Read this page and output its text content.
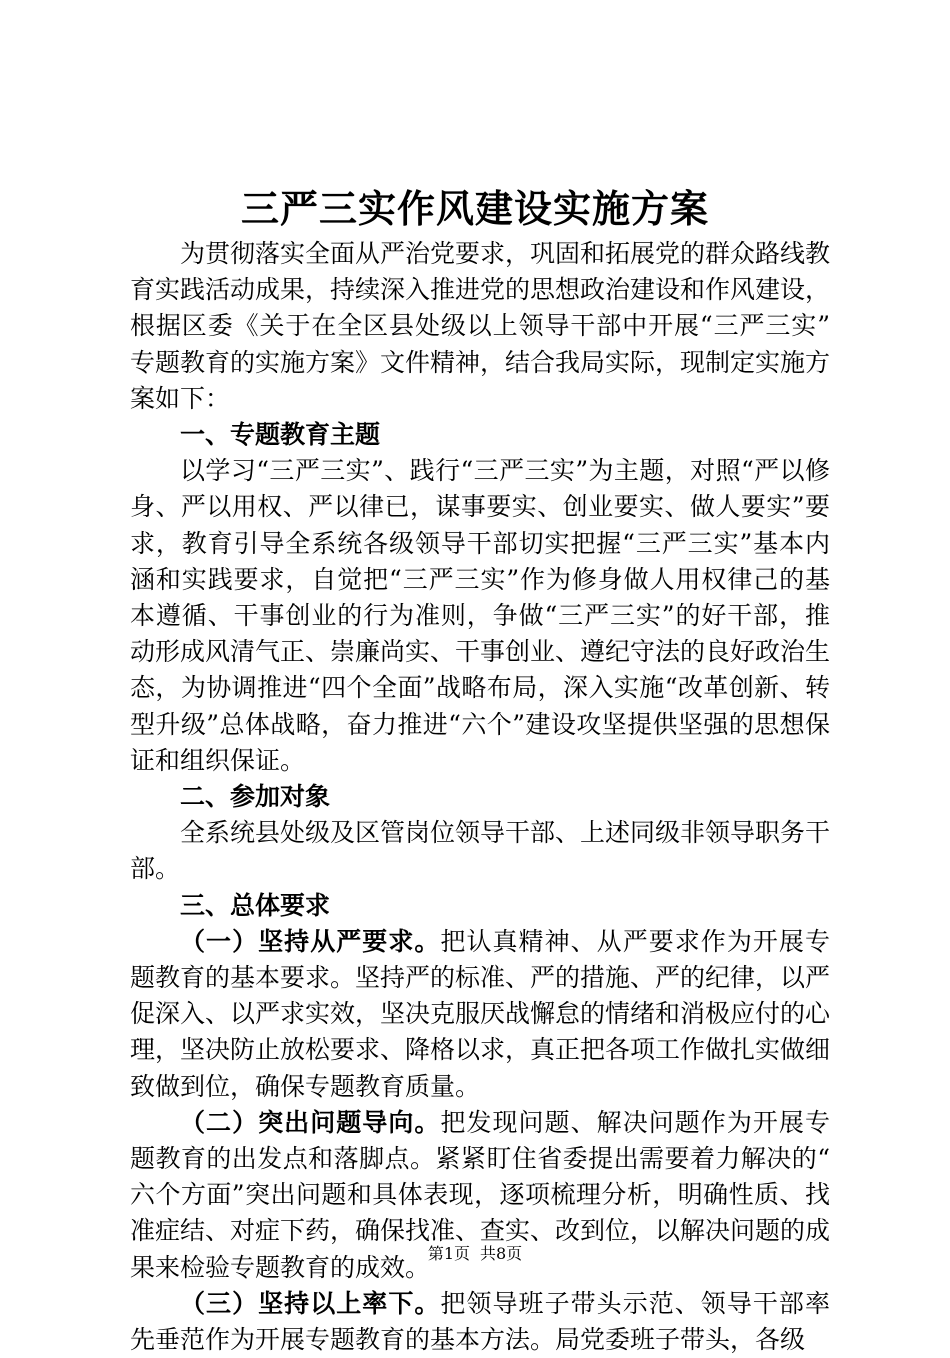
三严三实作风建设实施方案

为贯彻落实全面从严治党要求，巩固和拓展党的群众路线教育实践活动成果，持续深入推进党的思想政治建设和作风建设，根据区委《关于在全区县处级以上领导干部中开展“三严三实”专题教育的实施方案》文件精神，结合我局实际，现制定实施方案如下：

一、专题教育主题

以学习“三严三实”、践行“三严三实”为主题，对照“严以修身、严以用权、严以律已，谋事要实、创业要实、做人要实”要求，教育引导全系统各级领导干部切实把握“三严三实”基本内涵和实践要求，自觉把“三严三实”作为修身做人用权律己的基本遵循、干事创业的行为准则，争做“三严三实”的好干部，推动形成风清气正、崇廉尚实、干事创业、遵纪守法的良好政治生态，为协调推进“四个全面”战略布局，深入实施“改革创新、转型升级”总体战略，奋力推进“六个”建设攻坚提供坚强的思想保证和组织保证。

二、参加对象

全系统县处级及区管岗位领导干部、上述同级非领导职务干部。

三、总体要求

（一）坚持从严要求。把认真精神、从严要求作为开展专题教育的基本要求。坚持严的标准、严的措施、严的纪律，以严促深入、以严求实效，坚决克服厌战懈怠的情绪和消极应付的心理，坚决防止放松要求、降格以求，真正把各项工作做扎实做细致做到位，确保专题教育质量。

（二）突出问题导向。把发现问题、解决问题作为开展专题教育的出发点和落脚点。紧紧盯住省委提出需要着力解决的“六个方面”突出问题和具体表现，逐项梳理分析，明确性质、找准症结、对症下药，确保找准、查实、改到位，以解决问题的成果来检验专题教育的成效。

（三）坚持以上率下。把领导班子带头示范、领导干部率先垂范作为开展专题教育的基本方法。局党委班子带头，各级

第1页 共8页
